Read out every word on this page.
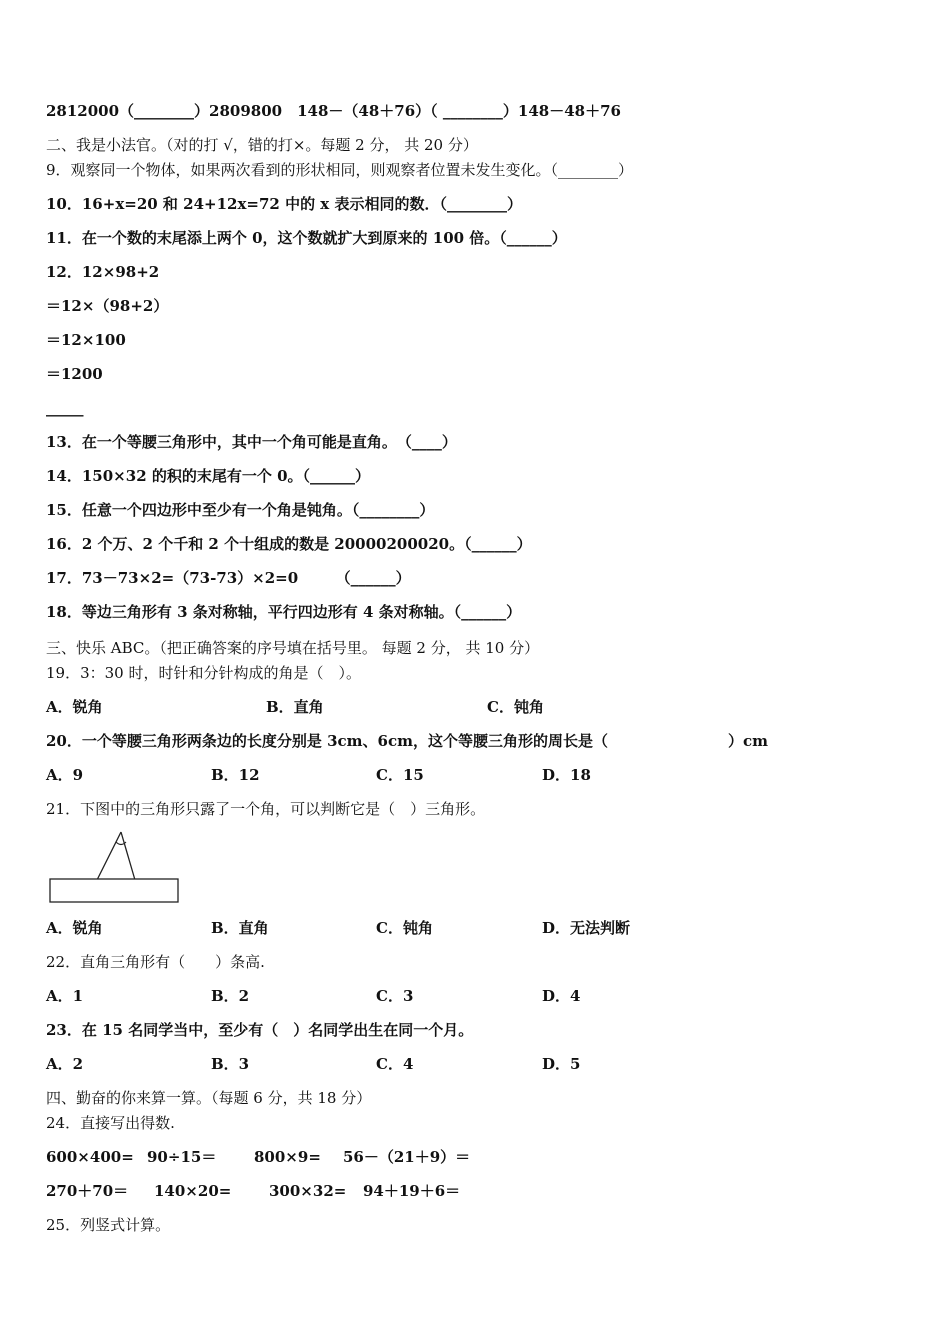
2812000（________）2809800　148－（48＋76）（ ________）148－48＋76
二、我是小法官。（对的打 √，错的打×。每题 2 分， 共 20 分）
9．观察同一个物体，如果两次看到的形状相同，则观察者位置未发生变化。（________）
10．16+x=20 和 24+12x=72 中的 x 表示相同的数．（________）
11．在一个数的末尾添上两个 0，这个数就扩大到原来的 100 倍。（______）
12．12×98+2
＝12×（98+2）
＝12×100
＝1200
_____
13．在一个等腰三角形中，其中一个角可能是直角。　（____）
14．150×32 的积的末尾有一个 0。（______）
15．任意一个四边形中至少有一个角是钝角。（________）
16．2 个万、2 个千和 2 个十组成的数是 20000200020。（______）
17．73－73×2=（73-73）×2=0　　　（______）
18．等边三角形有 3 条对称轴，平行四边形有 4 条对称轴。（______）
三、快乐 ABC。（把正确答案的序号填在括号里。 每题 2 分， 共 10 分）
19．3：30 时，时针和分针构成的角是（　）。
A．锐角	B．直角	C．钝角
20．一个等腰三角形两条边的长度分别是 3cm、6cm，这个等腰三角形的周长是（　　　　　　　　）cm
A．9	B．12	C．15	D．18
21．下图中的三角形只露了一个角，可以判断它是（　）三角形。
A．锐角	B．直角	C．钝角	D．无法判断
22．直角三角形有（　　）条高.
A．1	B．2	C．3	D．4
23．在 15 名同学当中，至少有（　）名同学出生在同一个月。
A．2	B．3	C．4	D．5
四、勤奋的你来算一算。（每题 6 分，共 18 分）
24．直接写出得数.
600×400= 90÷15＝	800×9= 56－（21＋9）＝
270＋70＝ 140×20=	300×32= 94＋19＋6＝
25．列竖式计算。
